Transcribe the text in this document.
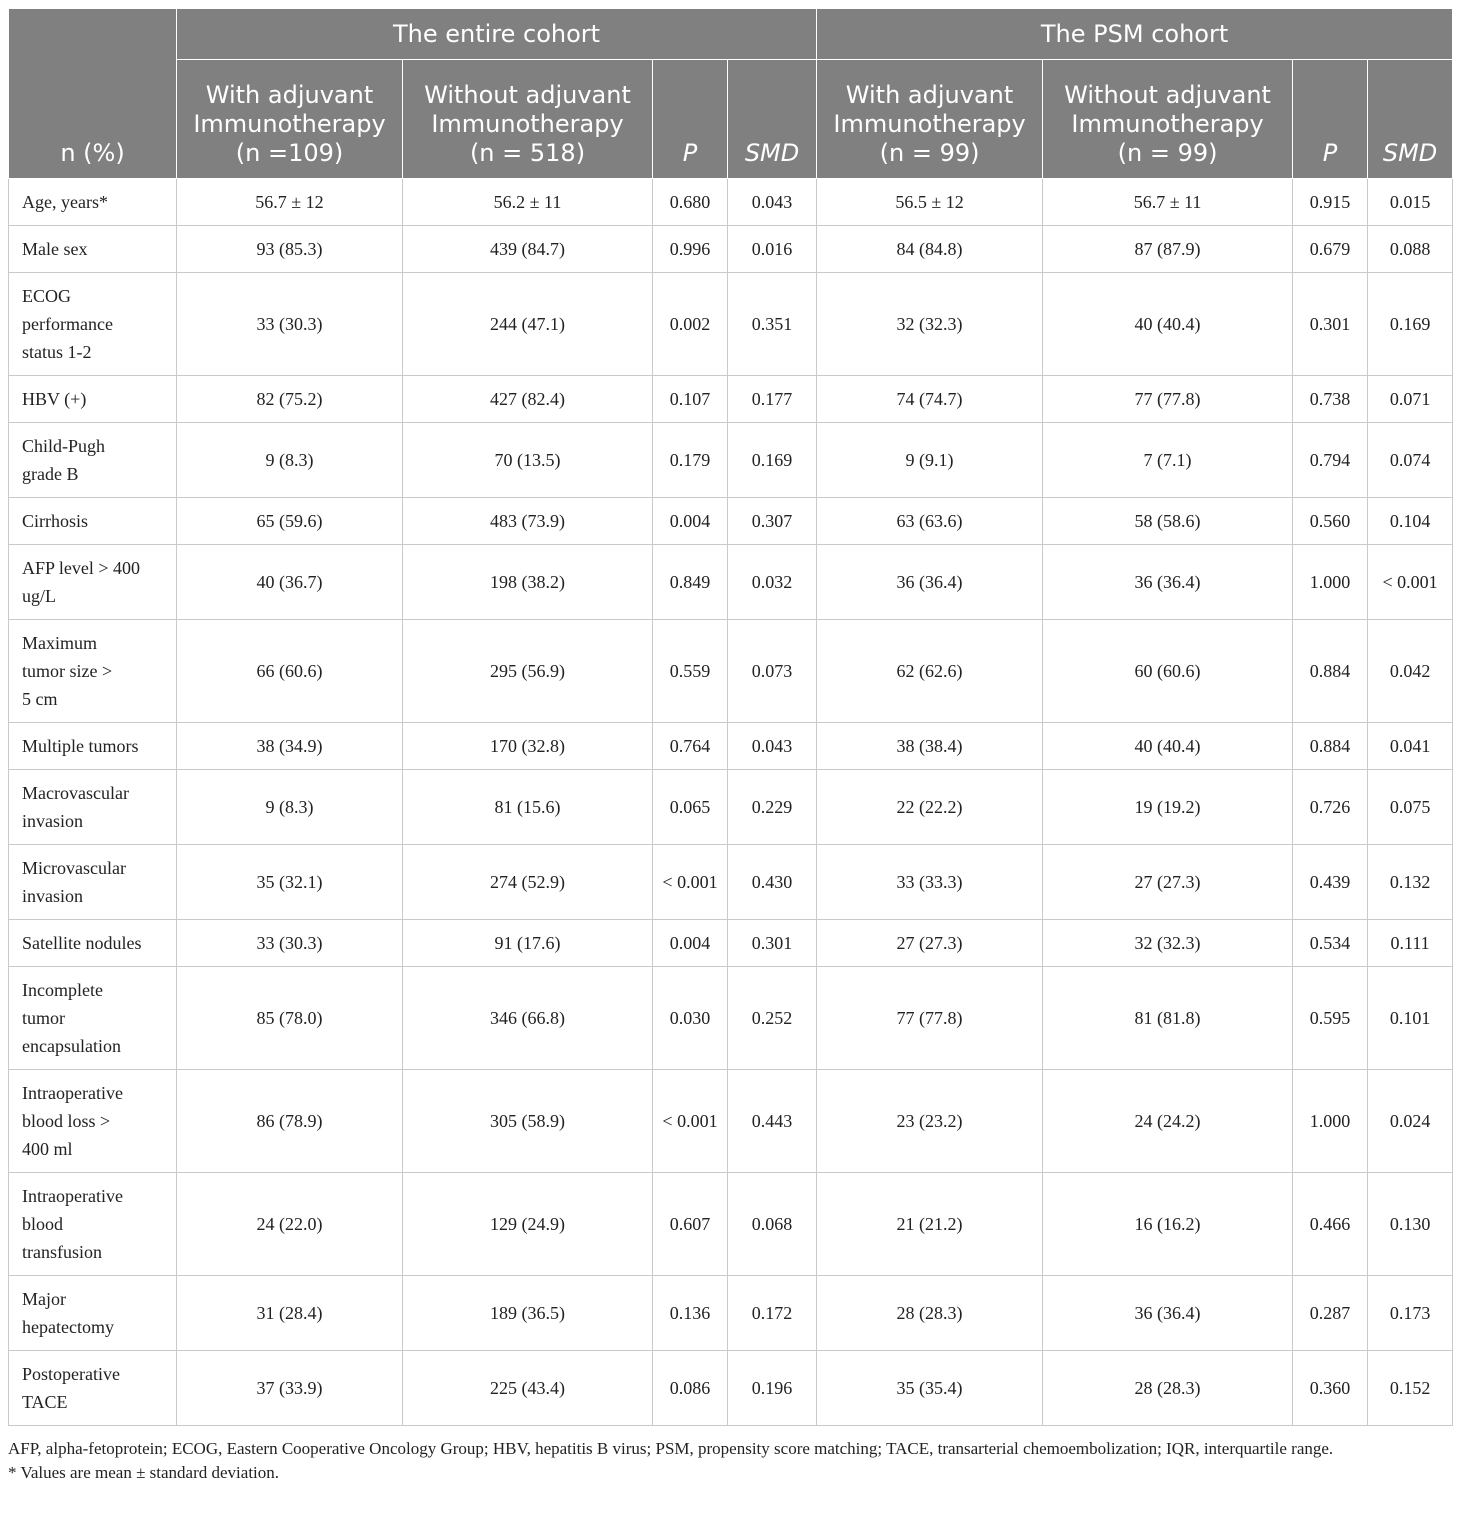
n (%)	The entire cohort				The PSM cohort			
	With adjuvant
Immunotherapy
(n =109)	Without adjuvant
Immunotherapy
(n = 518)	P	SMD	With adjuvant
Immunotherapy
(n = 99)	Without adjuvant
Immunotherapy
(n = 99)	P	SMD
Age, years*	56.7 ± 12	56.2 ± 11	0.680	0.043	56.5 ± 12	56.7 ± 11	0.915	0.015
Male sex	93 (85.3)	439 (84.7)	0.996	0.016	84 (84.8)	87 (87.9)	0.679	0.088
ECOG
performance
status 1-2	33 (30.3)	244 (47.1)	0.002	0.351	32 (32.3)	40 (40.4)	0.301	0.169
HBV (+)	82 (75.2)	427 (82.4)	0.107	0.177	74 (74.7)	77 (77.8)	0.738	0.071
Child-Pugh
grade B	9 (8.3)	70 (13.5)	0.179	0.169	9 (9.1)	7 (7.1)	0.794	0.074
Cirrhosis	65 (59.6)	483 (73.9)	0.004	0.307	63 (63.6)	58 (58.6)	0.560	0.104
AFP level > 400
ug/L	40 (36.7)	198 (38.2)	0.849	0.032	36 (36.4)	36 (36.4)	1.000	< 0.001
Maximum
tumor size >
5 cm	66 (60.6)	295 (56.9)	0.559	0.073	62 (62.6)	60 (60.6)	0.884	0.042
Multiple tumors	38 (34.9)	170 (32.8)	0.764	0.043	38 (38.4)	40 (40.4)	0.884	0.041
Macrovascular
invasion	9 (8.3)	81 (15.6)	0.065	0.229	22 (22.2)	19 (19.2)	0.726	0.075
Microvascular
invasion	35 (32.1)	274 (52.9)	< 0.001	0.430	33 (33.3)	27 (27.3)	0.439	0.132
Satellite nodules	33 (30.3)	91 (17.6)	0.004	0.301	27 (27.3)	32 (32.3)	0.534	0.111
Incomplete
tumor
encapsulation	85 (78.0)	346 (66.8)	0.030	0.252	77 (77.8)	81 (81.8)	0.595	0.101
Intraoperative
blood loss >
400 ml	86 (78.9)	305 (58.9)	< 0.001	0.443	23 (23.2)	24 (24.2)	1.000	0.024
Intraoperative
blood
transfusion	24 (22.0)	129 (24.9)	0.607	0.068	21 (21.2)	16 (16.2)	0.466	0.130
Major
hepatectomy	31 (28.4)	189 (36.5)	0.136	0.172	28 (28.3)	36 (36.4)	0.287	0.173
Postoperative
TACE	37 (33.9)	225 (43.4)	0.086	0.196	35 (35.4)	28 (28.3)	0.360	0.152

AFP, alpha-fetoprotein; ECOG, Eastern Cooperative Oncology Group; HBV, hepatitis B virus; PSM, propensity score matching; TACE, transarterial chemoembolization; IQR, interquartile range.

* Values are mean ± standard deviation.
